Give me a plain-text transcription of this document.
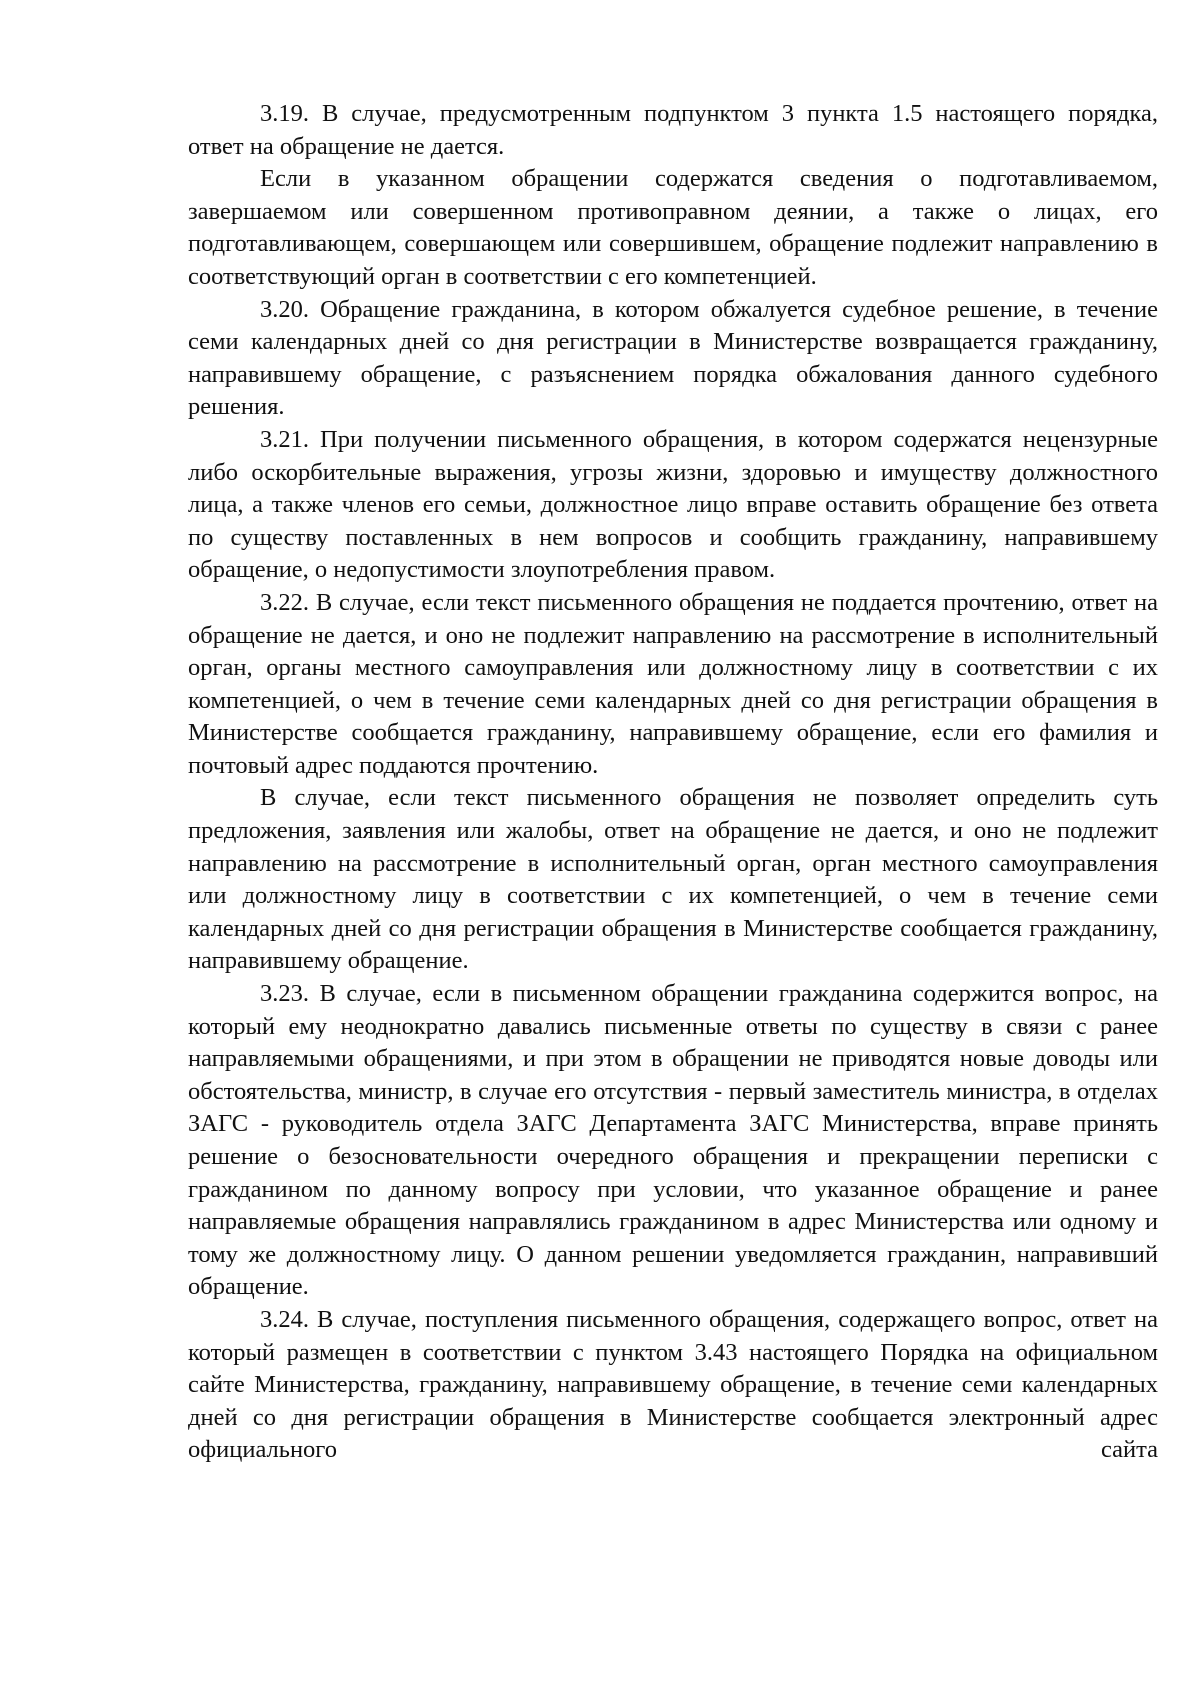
3.19. В случае, предусмотренным подпунктом 3 пункта 1.5 настоящего порядка, ответ на обращение не дается.

Если в указанном обращении содержатся сведения о подготавливаемом, завершаемом или совершенном противоправном деянии, а также о лицах, его подготавливающем, совершающем или совершившем, обращение подлежит направлению в соответствующий орган в соответствии с его компетенцией.

3.20. Обращение гражданина, в котором обжалуется судебное решение, в течение семи календарных дней со дня регистрации в Министерстве возвращается гражданину, направившему обращение, с разъяснением порядка обжалования данного судебного решения.

3.21. При получении письменного обращения, в котором содержатся нецензурные либо оскорбительные выражения, угрозы жизни, здоровью и имуществу должностного лица, а также членов его семьи, должностное лицо вправе оставить обращение без ответа по существу поставленных в нем вопросов и сообщить гражданину, направившему обращение, о недопустимости злоупотребления правом.

3.22. В случае, если текст письменного обращения не поддается прочтению, ответ на обращение не дается, и оно не подлежит направлению на рассмотрение в исполнительный орган, органы местного самоуправления или должностному лицу в соответствии с их компетенцией, о чем в течение семи календарных дней со дня регистрации обращения в Министерстве сообщается гражданину, направившему обращение, если его фамилия и почтовый адрес поддаются прочтению.

В случае, если текст письменного обращения не позволяет определить суть предложения, заявления или жалобы, ответ на обращение не дается, и оно не подлежит направлению на рассмотрение в исполнительный орган, орган местного самоуправления или должностному лицу в соответствии с их компетенцией, о чем в течение семи календарных дней со дня регистрации обращения в Министерстве сообщается гражданину, направившему обращение.

3.23. В случае, если в письменном обращении гражданина содержится вопрос, на который ему неоднократно давались письменные ответы по существу в связи с ранее направляемыми обращениями, и при этом в обращении не приводятся новые доводы или обстоятельства, министр, в случае его отсутствия - первый заместитель министра, в отделах ЗАГС - руководитель отдела ЗАГС Департамента ЗАГС Министерства, вправе принять решение о безосновательности очередного обращения и прекращении переписки с гражданином по данному вопросу при условии, что указанное обращение и ранее направляемые обращения направлялись гражданином в адрес Министерства или одному и тому же должностному лицу. О данном решении уведомляется гражданин, направивший обращение.

3.24. В случае, поступления письменного обращения, содержащего вопрос, ответ на который размещен в соответствии с пунктом 3.43 настоящего Порядка на официальном сайте Министерства, гражданину, направившему обращение, в течение семи календарных дней со дня регистрации обращения в Министерстве сообщается электронный адрес официального сайта
